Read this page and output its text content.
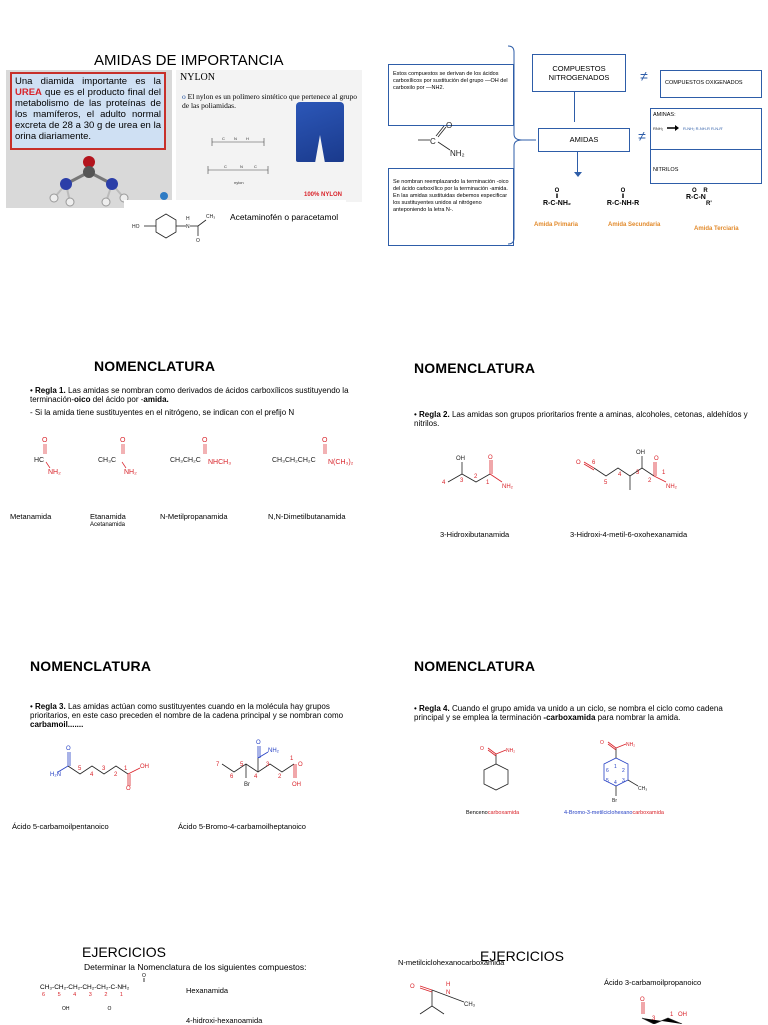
AMIDAS DE IMPORTANCIA
Una diamida importante es la UREA que es el producto final del metabolismo de las proteínas de los mamíferos, el adulto normal excreta de 28 a 30 g de urea en la orina diariamente.
NYLON
o El nylon es un polímero sintético que pertenece al grupo de las poliamidas.
C N H
C	N	C
nylon
100% NYLON
HO	N
H
O
CH₃ Acetaminofén o paracetamol
Estos compuestos se derivan de los ácidos carboxílicos por sustitución del grupo —OH del carboxilo por —NH2.
C
O
NH₂
Se nombran reemplazando la terminación -oico del ácido carboxílico por la terminación -amida. En las amidas sustituidas debemos especificar los sustituyentes unidos al nitrógeno anteponiendo la letra N-.
COMPUESTOS NITROGENADOS	≠	COMPUESTOS OXIGENADOS
AMIDAS	≠
AMINAS:
RNH₂	R-NH₂ R-NH-R R-N-R'
NITRILOS
O
‖
R-C-NH₂
O
‖
R-C-NH-R
O    R
R-C-N
R'
Amida Primaria	Amida Secundaria
Amida Terciaria
NOMENCLATURA
• Regla 1. Las amidas se nombran como derivados de ácidos carboxílicos sustituyendo la terminación-oico del ácido por -amida.
- Si la amida tiene sustituyentes en el nitrógeno, se indican con el prefijo N
HC	CH₃C	CH₃CH₂C	CH₃CH₂CH₂C
O
NH₂
O
NH₂
O
NHCH₃
O
N(CH₃)₂
Metanamida	Etanamida
Acetanamida
N-Metilpropanamida	N,N-Dimetilbutanamida
NOMENCLATURA
• Regla 2. Las amidas son grupos prioritarios frente a aminas, alcoholes, cetonas, aldehídos y nitrilos.
OH
4 3
2
1
O
NH₂
OH
O 6
5
4 3
2
O
NH₂
1
3-Hidroxibutanamida	3-Hidroxi-4-metil-6-oxohexanamida
NOMENCLATURA
• Regla 3. Las amidas actúan como sustituyentes cuando en la molécula hay grupos prioritarios, en este caso preceden el nombre de la cadena principal y se nombran como carbamoil.......
O
H₂N
5
4
3
2
1 OH
O
O
NH₂
7
6
5
4
3
2
1
O
OH
Br
Ácido 5-carbamoilpentanoico	Ácido 5-Bromo-4-carbamoilheptanoico
NOMENCLATURA
• Regla 4. Cuando el grupo amida va unido a un ciclo, se nombra el ciclo como cadena principal y se emplea la terminación -carboxamida para nombrar la amida.
O	NH₂
O	NH₂
1
2
3
4
5
6
CH₃
Br
Bencenocarboxamida	4-Bromo-3-metilciclohexanocarboxamida
EJERCICIOS
Determinar la Nomenclatura de los siguientes compuestos:
O
‖
CH₃-CH₂-CH₂-CH₂-CH₂-C-NH₂
6 5 4 3 2 1	Hexanamida
OH	O
4-hidroxi-hexanoamida
EJERCICIOS
N-metilciclohexanocarboxamida
O
N
H
CH₃
Ácido 3-carbamoilpropanoico
O
3
1 OH
